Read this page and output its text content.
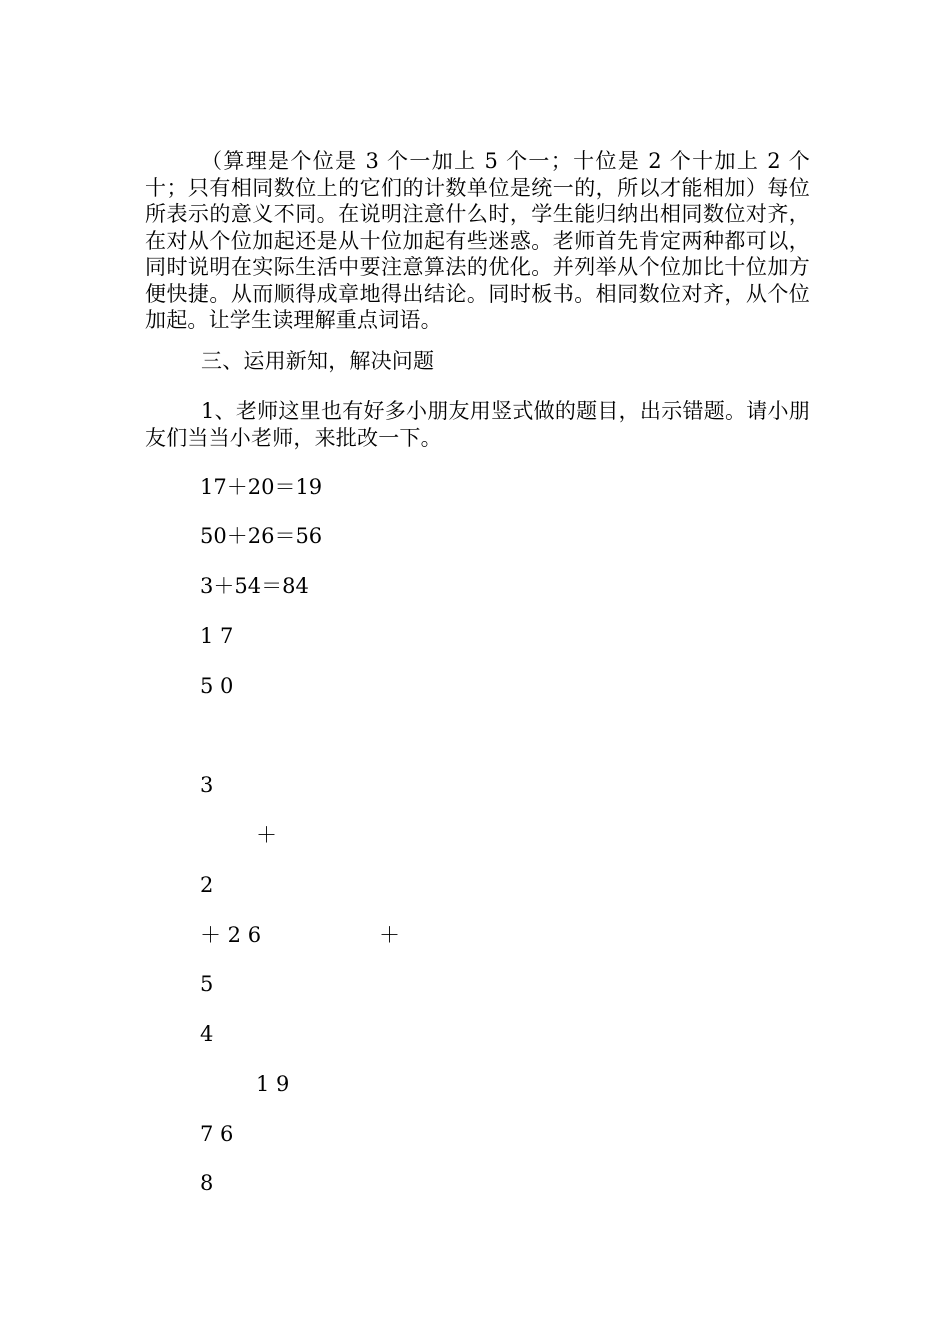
（算理是个位是 3 个一加上 5 个一；十位是 2 个十加上 2 个十；只有相同数位上的它们的计数单位是统一的，所以才能相加）每位所表示的意义不同。在说明注意什么时，学生能归纳出相同数位对齐，在对从个位加起还是从十位加起有些迷惑。老师首先肯定两种都可以，同时说明在实际生活中要注意算法的优化。并列举从个位加比十位加方便快捷。从而顺得成章地得出结论。同时板书。相同数位对齐，从个位加起。让学生读理解重点词语。
三、运用新知，解决问题
1、老师这里也有好多小朋友用竖式做的题目，出示错题。请小朋友们当当小老师，来批改一下。
17＋20＝19
50＋26＝56
3＋54＝84
1 7
5 0
3
＋
2
＋ 2 6	＋
5
4
1 9
7 6
8
